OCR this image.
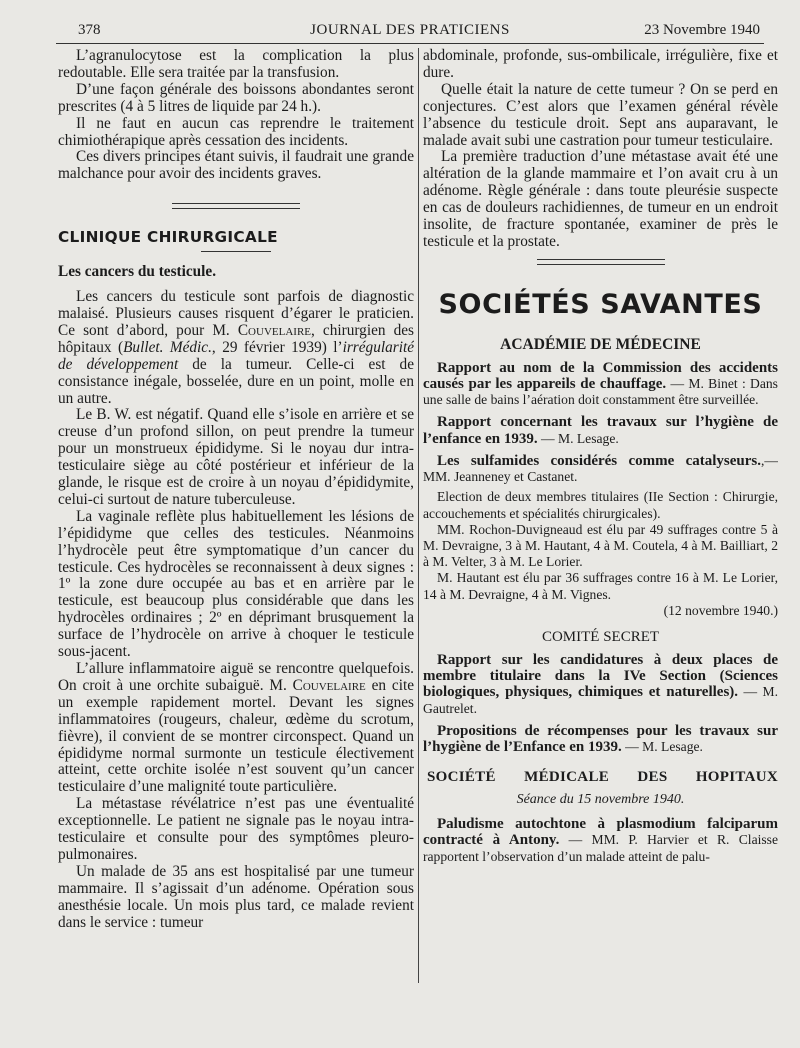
378	JOURNAL DES PRATICIENS	23 Novembre 1940

L’agranulocytose est la complication la plus redoutable. Elle sera traitée par la transfusion.

D’une façon générale des boissons abondantes seront prescrites (4 à 5 litres de liquide par 24 h.).

Il ne faut en aucun cas reprendre le traitement chimiothérapique après cessation des incidents.

Ces divers principes étant suivis, il faudrait une grande malchance pour avoir des incidents graves.

CLINIQUE CHIRURGICALE

Les cancers du testicule.

Les cancers du testicule sont parfois de diagnostic malaisé. Plusieurs causes risquent d’égarer le praticien. Ce sont d’abord, pour M. Couvelaire, chirurgien des hôpitaux (Bullet. Médic., 29 février 1939) l’irrégularité de développement de la tumeur. Celle-ci est de consistance inégale, bosselée, dure en un point, molle en un autre.

Le B. W. est négatif. Quand elle s’isole en arrière et se creuse d’un profond sillon, on peut prendre la tumeur pour un monstrueux épididyme. Si le noyau dur intra-testiculaire siège au côté postérieur et inférieur de la glande, le risque est de croire à un noyau d’épididymite, celui-ci surtout de nature tuberculeuse.

La vaginale reflète plus habituellement les lésions de l’épididyme que celles des testicules. Néanmoins l’hydrocèle peut être symptomatique d’un cancer du testicule. Ces hydrocèles se reconnaissent à deux signes : 1º la zone dure occupée au bas et en arrière par le testicule, est beaucoup plus considérable que dans les hydrocèles ordinaires ; 2º en déprimant brusquement la surface de l’hydrocèle on arrive à choquer le testicule sous-jacent.

L’allure inflammatoire aiguë se rencontre quelquefois. On croit à une orchite subaiguë. M. Couvelaire en cite un exemple rapidement mortel. Devant les signes inflammatoires (rougeurs, chaleur, œdème du scrotum, fièvre), il convient de se montrer circonspect. Quand un épididyme normal surmonte un testicule électivement atteint, cette orchite isolée n’est souvent qu’un cancer testiculaire d’une malignité toute particulière.

La métastase révélatrice n’est pas une éventualité exceptionnelle. Le patient ne signale pas le noyau intra-testiculaire et consulte pour des symptômes pleuro-pulmonaires.

Un malade de 35 ans est hospitalisé par une tumeur mammaire. Il s’agissait d’un adénome. Opération sous anesthésie locale. Un mois plus tard, ce malade revient dans le service : tumeur

abdominale, profonde, sus-ombilicale, irrégulière, fixe et dure.

Quelle était la nature de cette tumeur ? On se perd en conjectures. C’est alors que l’examen général révèle l’absence du testicule droit. Sept ans auparavant, le malade avait subi une castration pour tumeur testiculaire.

La première traduction d’une métastase avait été une altération de la glande mammaire et l’on avait cru à un adénome. Règle générale : dans toute pleurésie suspecte en cas de douleurs rachidiennes, de tumeur en un endroit insolite, de fracture spontanée, examiner de près le testicule et la prostate.

SOCIÉTÉS SAVANTES

ACADÉMIE DE MÉDECINE

Rapport au nom de la Commission des accidents causés par les appareils de chauffage. — M. Binet : Dans une salle de bains l’aération doit constamment être surveillée.

Rapport concernant les travaux sur l’hygiène de l’enfance en 1939. — M. Lesage.

Les sulfamides considérés comme catalyseurs.,— MM. Jeanneney et Castanet.

Election de deux membres titulaires (IIe Section : Chirurgie, accouchements et spécialités chirurgicales).

MM. Rochon-Duvigneaud est élu par 49 suffrages contre 5 à M. Devraigne, 3 à M. Hautant, 4 à M. Coutela, 4 à M. Bailliart, 2 à M. Velter, 3 à M. Le Lorier.

M. Hautant est élu par 36 suffrages contre 16 à M. Le Lorier, 14 à M. Devraigne, 4 à M. Vignes.

(12 novembre 1940.)

COMITÉ SECRET

Rapport sur les candidatures à deux places de membre titulaire dans la IVe Section (Sciences biologiques, physiques, chimiques et naturelles). — M. Gautrelet.

Propositions de récompenses pour les travaux sur l’hygiène de l’Enfance en 1939. — M. Lesage.

SOCIÉTÉ MÉDICALE DES HOPITAUX

Séance du 15 novembre 1940.

Paludisme autochtone à plasmodium falciparum contracté à Antony. — MM. P. Harvier et R. Claisse rapportent l’observation d’un malade atteint de palu-
